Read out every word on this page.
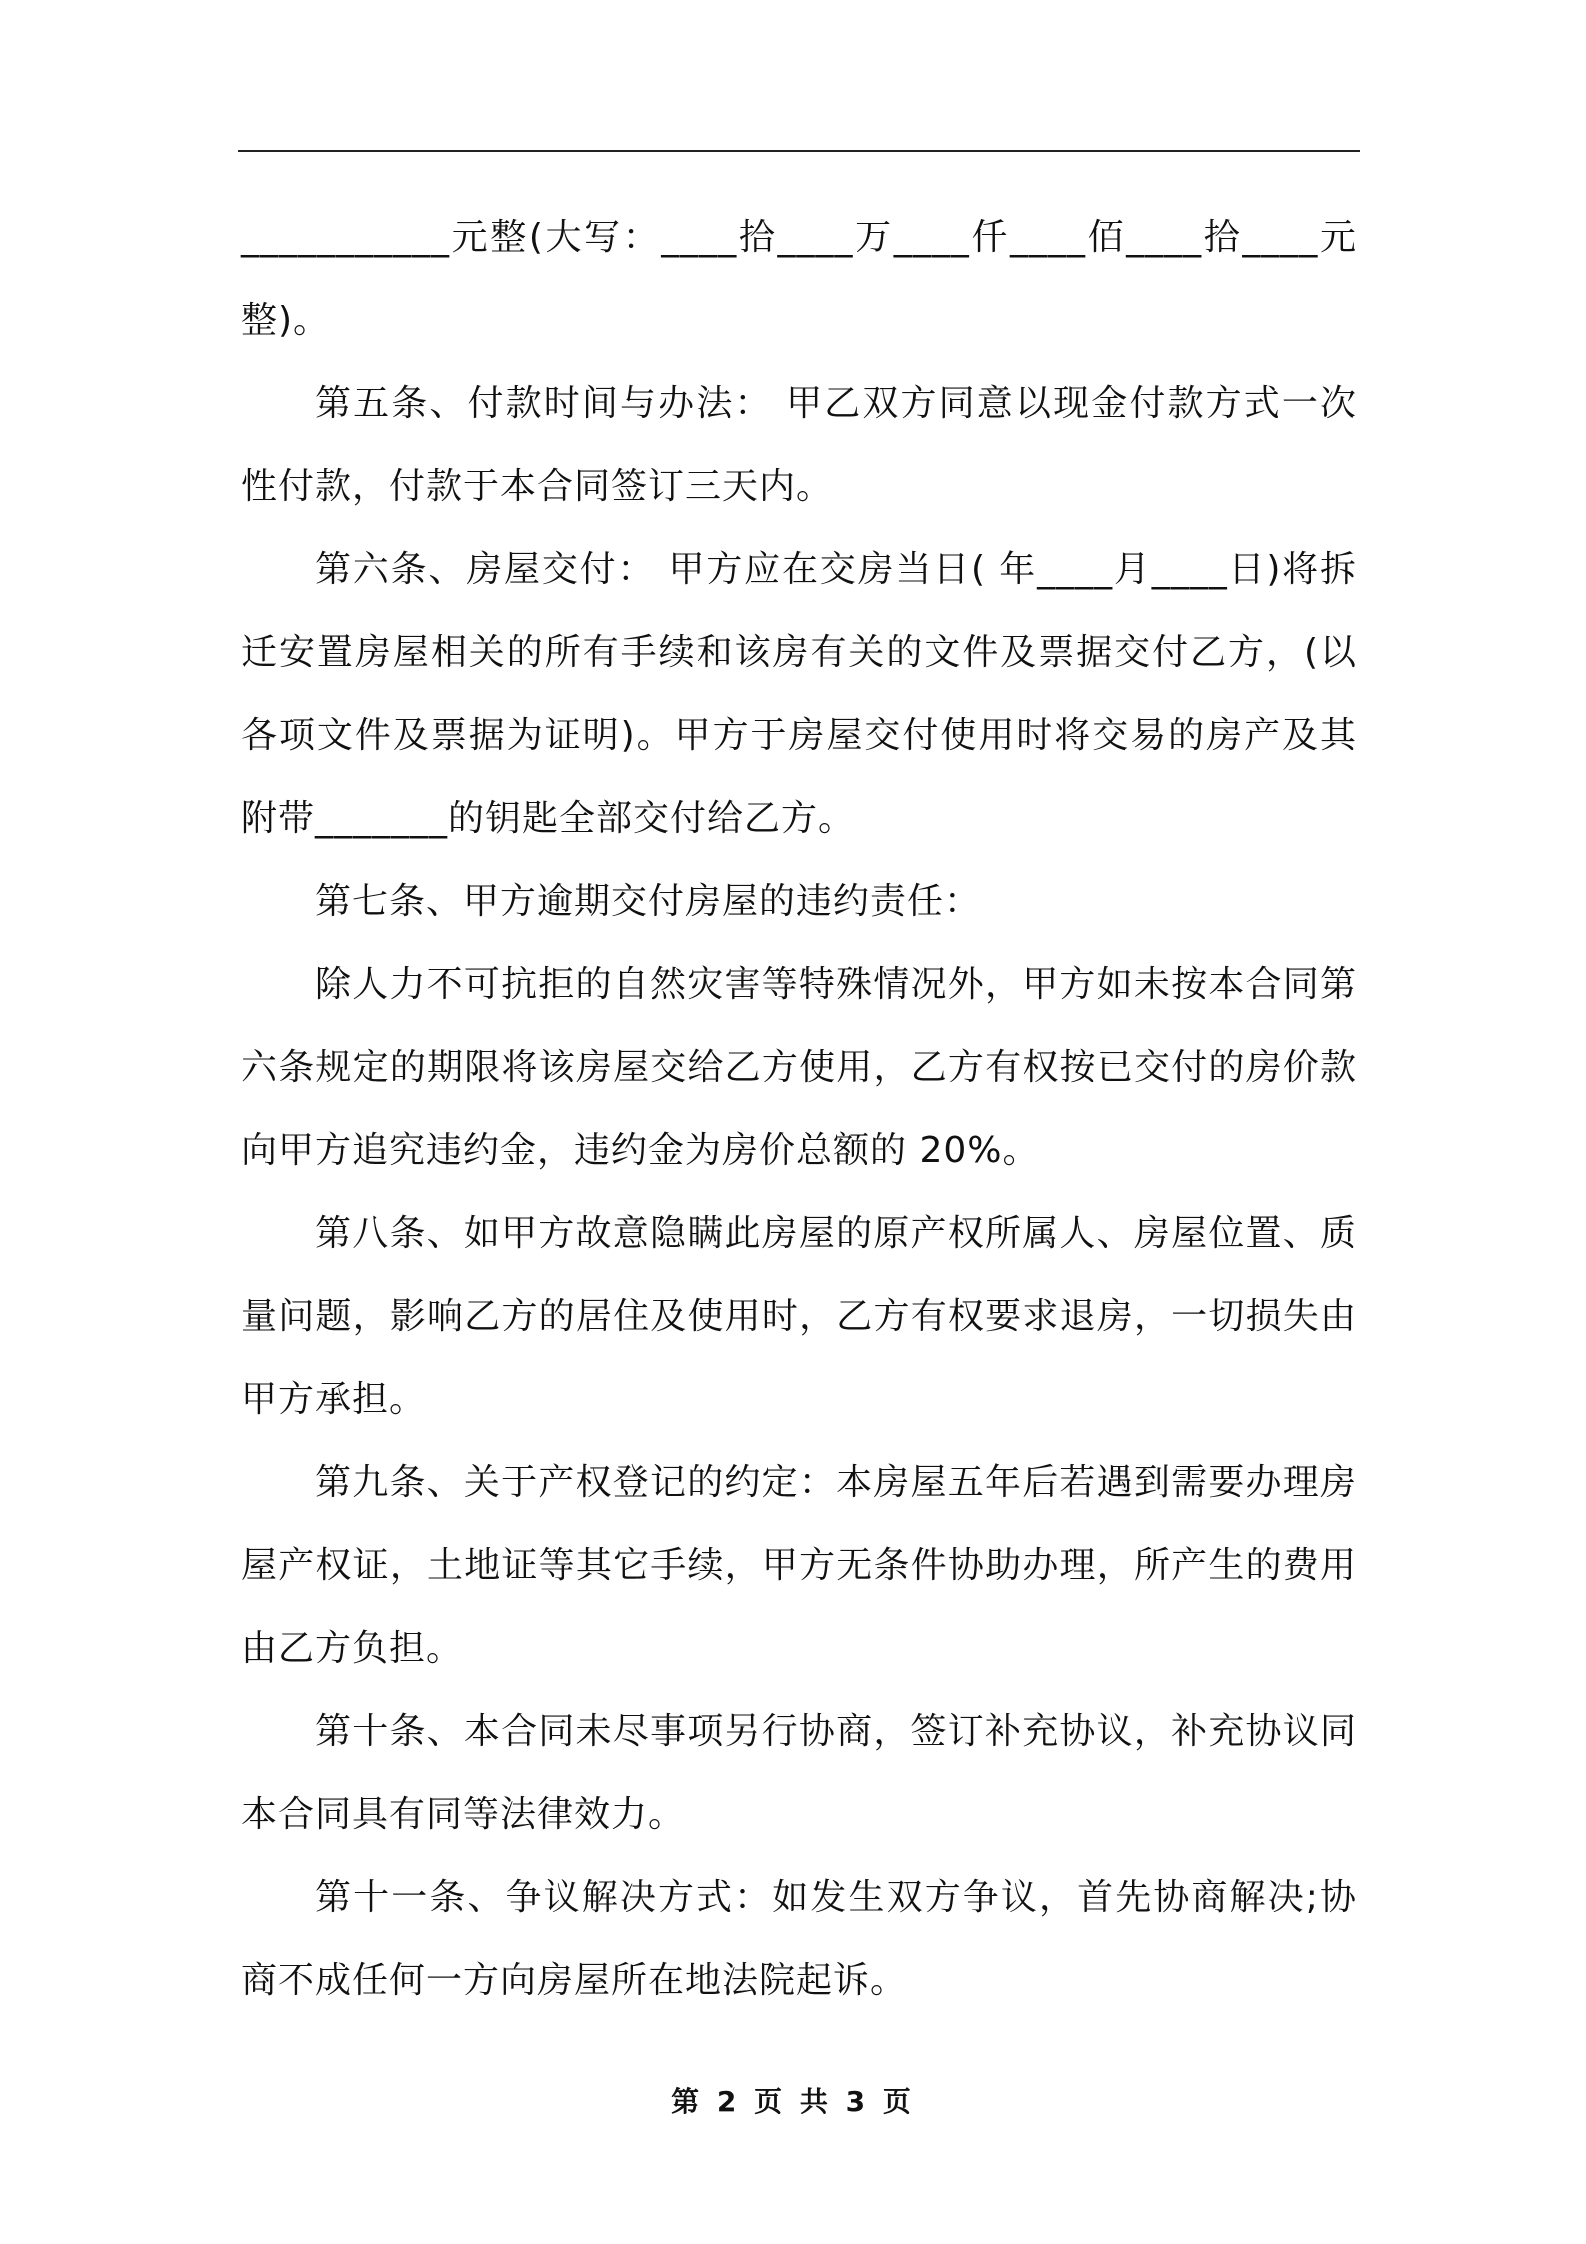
___________元整(大写：____拾____万____仟____佰____拾____元整)。

第五条、付款时间与办法： 甲乙双方同意以现金付款方式一次性付款，付款于本合同签订三天内。

第六条、房屋交付： 甲方应在交房当日( 年____月____日)将拆迁安置房屋相关的所有手续和该房有关的文件及票据交付乙方，(以各项文件及票据为证明)。甲方于房屋交付使用时将交易的房产及其附带_______的钥匙全部交付给乙方。

第七条、甲方逾期交付房屋的违约责任：

除人力不可抗拒的自然灾害等特殊情况外，甲方如未按本合同第六条规定的期限将该房屋交给乙方使用，乙方有权按已交付的房价款向甲方追究违约金，违约金为房价总额的 20%。

第八条、如甲方故意隐瞒此房屋的原产权所属人、房屋位置、质量问题，影响乙方的居住及使用时，乙方有权要求退房，一切损失由甲方承担。

第九条、关于产权登记的约定：本房屋五年后若遇到需要办理房屋产权证，土地证等其它手续，甲方无条件协助办理，所产生的费用由乙方负担。

第十条、本合同未尽事项另行协商，签订补充协议，补充协议同本合同具有同等法律效力。

第十一条、争议解决方式：如发生双方争议，首先协商解决;协商不成任何一方向房屋所在地法院起诉。

第 2 页 共 3 页
